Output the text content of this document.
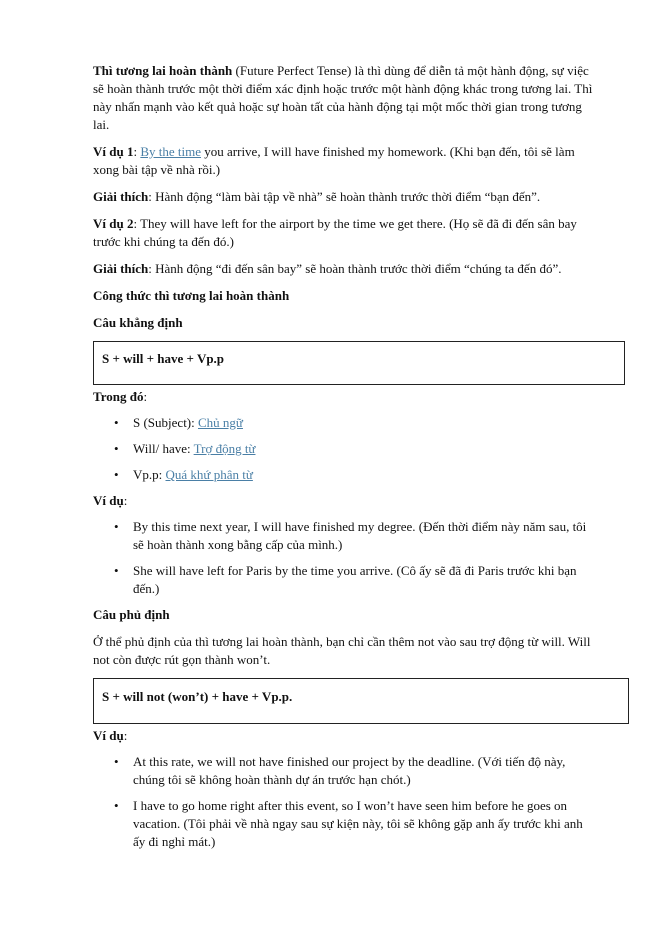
Thì tương lai hoàn thành (Future Perfect Tense) là thì dùng để diễn tả một hành động, sự việc sẽ hoàn thành trước một thời điểm xác định hoặc trước một hành động khác trong tương lai. Thì này nhấn mạnh vào kết quả hoặc sự hoàn tất của hành động tại một mốc thời gian trong tương lai.

Ví dụ 1: By the time you arrive, I will have finished my homework. (Khi bạn đến, tôi sẽ làm xong bài tập về nhà rồi.)

Giải thích: Hành động “làm bài tập về nhà” sẽ hoàn thành trước thời điểm “bạn đến”.

Ví dụ 2: They will have left for the airport by the time we get there. (Họ sẽ đã đi đến sân bay trước khi chúng ta đến đó.)

Giải thích: Hành động “đi đến sân bay” sẽ hoàn thành trước thời điểm “chúng ta đến đó”.

Công thức thì tương lai hoàn thành
Câu khẳng định
S + will + have + Vp.p
Trong đó:
• S (Subject): Chủ ngữ
• Will/ have: Trợ động từ
• Vp.p: Quá khứ phân từ
Ví dụ:
• By this time next year, I will have finished my degree. (Đến thời điểm này năm sau, tôi sẽ hoàn thành xong bằng cấp của mình.)
• She will have left for Paris by the time you arrive. (Cô ấy sẽ đã đi Paris trước khi bạn đến.)
Câu phủ định

Ở thể phủ định của thì tương lai hoàn thành, bạn chỉ cần thêm not vào sau trợ động từ will. Will not còn được rút gọn thành won’t.

S + will not (won’t) + have + Vp.p.
Ví dụ:
• At this rate, we will not have finished our project by the deadline. (Với tiến độ này, chúng tôi sẽ không hoàn thành dự án trước hạn chót.)
• I have to go home right after this event, so I won’t have seen him before he goes on vacation. (Tôi phải về nhà ngay sau sự kiện này, tôi sẽ không gặp anh ấy trước khi anh ấy đi nghỉ mát.)
